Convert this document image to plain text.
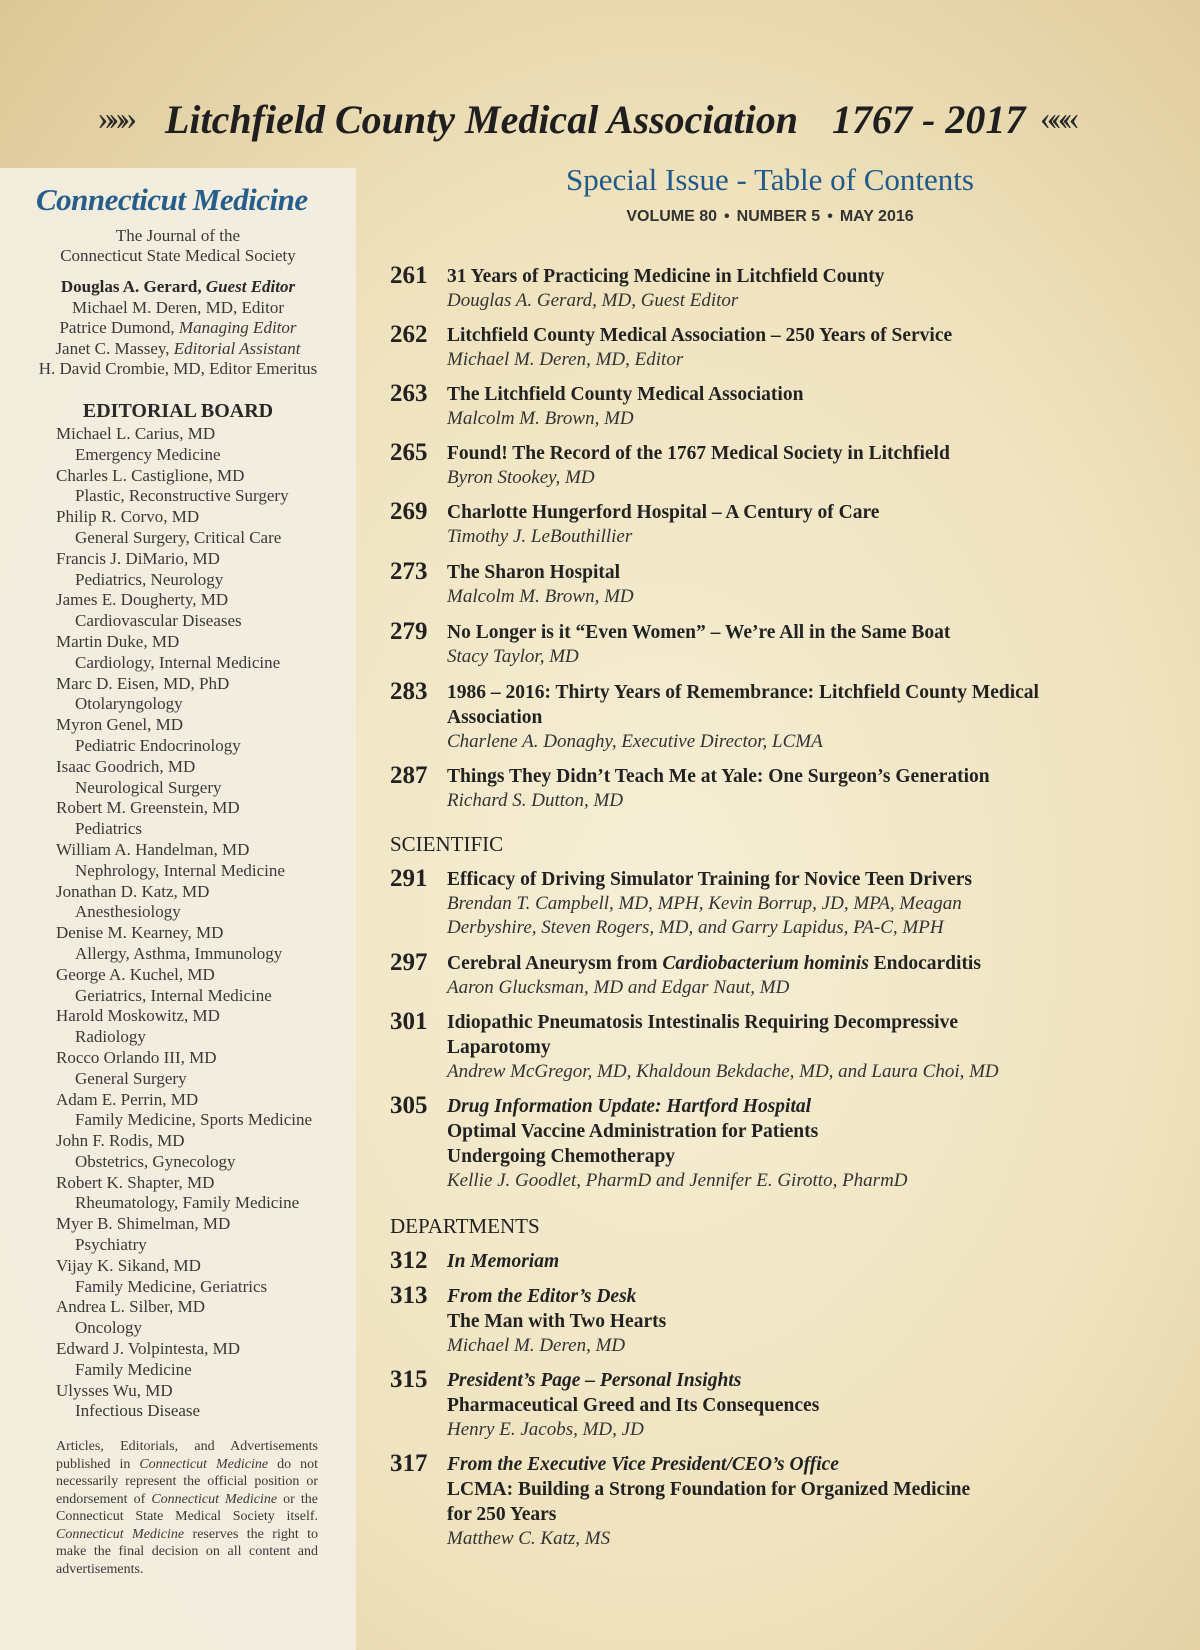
»»» Litchfield County Medical Association 1767 - 2017 «««
Connecticut Medicine
The Journal of the
Connecticut State Medical Society
Douglas A. Gerard, Guest Editor
Michael M. Deren, MD, Editor
Patrice Dumond, Managing Editor
Janet C. Massey, Editorial Assistant
H. David Crombie, MD, Editor Emeritus
EDITORIAL BOARD
Michael L. Carius, MD
Emergency Medicine
Charles L. Castiglione, MD
Plastic, Reconstructive Surgery
Philip R. Corvo, MD
General Surgery, Critical Care
Francis J. DiMario, MD
Pediatrics, Neurology
James E. Dougherty, MD
Cardiovascular Diseases
Martin Duke, MD
Cardiology, Internal Medicine
Marc D. Eisen, MD, PhD
Otolaryngology
Myron Genel, MD
Pediatric Endocrinology
Isaac Goodrich, MD
Neurological Surgery
Robert M. Greenstein, MD
Pediatrics
William A. Handelman, MD
Nephrology, Internal Medicine
Jonathan D. Katz, MD
Anesthesiology
Denise M. Kearney, MD
Allergy, Asthma, Immunology
George A. Kuchel, MD
Geriatrics, Internal Medicine
Harold Moskowitz, MD
Radiology
Rocco Orlando III, MD
General Surgery
Adam E. Perrin, MD
Family Medicine, Sports Medicine
John F. Rodis, MD
Obstetrics, Gynecology
Robert K. Shapter, MD
Rheumatology, Family Medicine
Myer B. Shimelman, MD
Psychiatry
Vijay K. Sikand, MD
Family Medicine, Geriatrics
Andrea L. Silber, MD
Oncology
Edward J. Volpintesta, MD
Family Medicine
Ulysses Wu, MD
Infectious Disease
Articles, Editorials, and Advertisements published in Connecticut Medicine do not necessarily represent the official position or endorsement of Connecticut Medicine or the Connecticut State Medical Society itself. Connecticut Medicine reserves the right to make the final decision on all content and advertisements.
Special Issue - Table of Contents
VOLUME 80 • NUMBER 5 • MAY 2016
261 31 Years of Practicing Medicine in Litchfield County
Douglas A. Gerard, MD, Guest Editor
262 Litchfield County Medical Association – 250 Years of Service
Michael M. Deren, MD, Editor
263 The Litchfield County Medical Association
Malcolm M. Brown, MD
265 Found! The Record of the 1767 Medical Society in Litchfield
Byron Stookey, MD
269 Charlotte Hungerford Hospital – A Century of Care
Timothy J. LeBouthillier
273 The Sharon Hospital
Malcolm M. Brown, MD
279 No Longer is it “Even Women” – We’re All in the Same Boat
Stacy Taylor, MD
283 1986 – 2016: Thirty Years of Remembrance: Litchfield County Medical
Association
Charlene A. Donaghy, Executive Director, LCMA
287 Things They Didn’t Teach Me at Yale: One Surgeon’s Generation
Richard S. Dutton, MD
SCIENTIFIC
291 Efficacy of Driving Simulator Training for Novice Teen Drivers
Brendan T. Campbell, MD, MPH, Kevin Borrup, JD, MPA, Meagan
Derbyshire, Steven Rogers, MD, and Garry Lapidus, PA-C, MPH
297 Cerebral Aneurysm from Cardiobacterium hominis Endocarditis
Aaron Glucksman, MD and Edgar Naut, MD
301 Idiopathic Pneumatosis Intestinalis Requiring Decompressive
Laparotomy
Andrew McGregor, MD, Khaldoun Bekdache, MD, and Laura Choi, MD
305 Drug Information Update: Hartford Hospital
Optimal Vaccine Administration for Patients
Undergoing Chemotherapy
Kellie J. Goodlet, PharmD and Jennifer E. Girotto, PharmD
DEPARTMENTS
312 In Memoriam
313 From the Editor’s Desk
The Man with Two Hearts
Michael M. Deren, MD
315 President’s Page – Personal Insights
Pharmaceutical Greed and Its Consequences
Henry E. Jacobs, MD, JD
317 From the Executive Vice President/CEO’s Office
LCMA: Building a Strong Foundation for Organized Medicine
for 250 Years
Matthew C. Katz, MS
